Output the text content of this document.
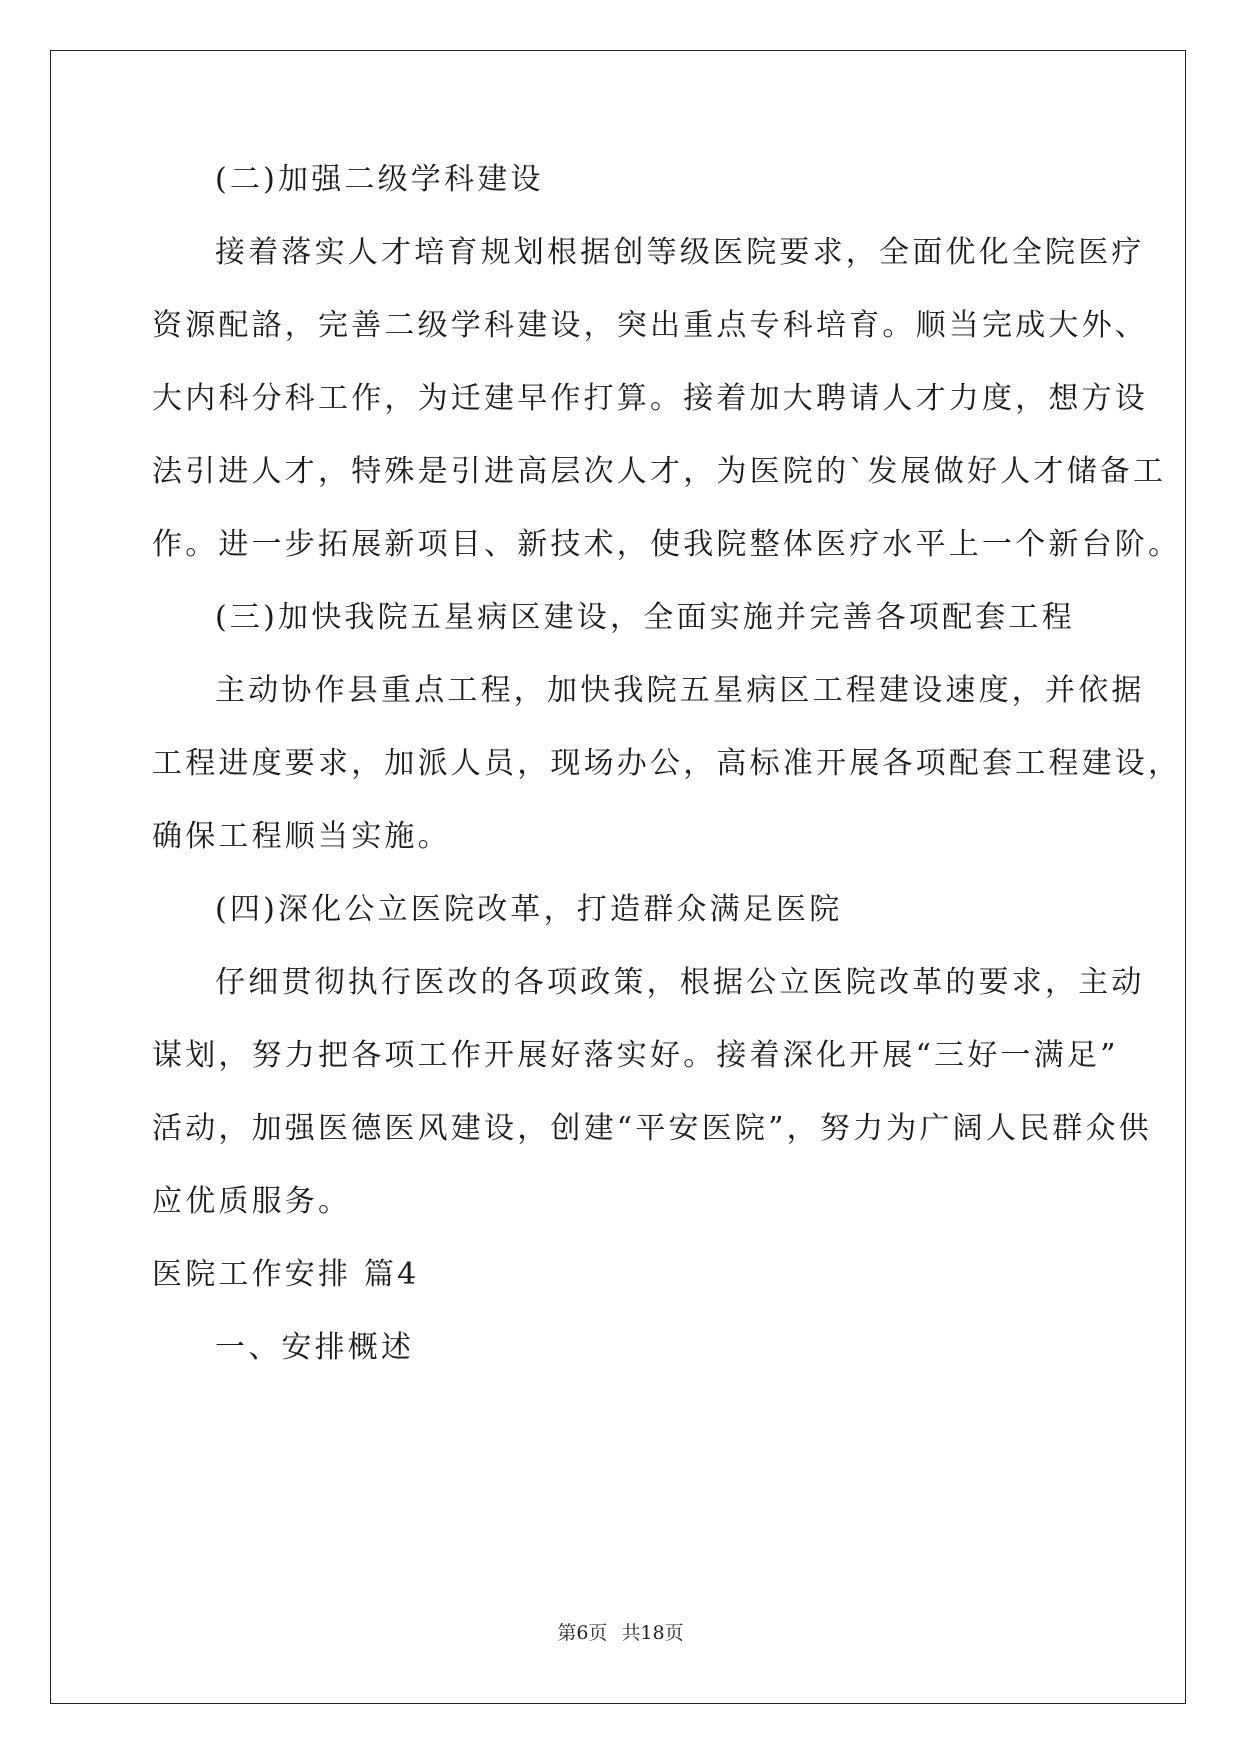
(二)加强二级学科建设
接着落实人才培育规划根据创等级医院要求，全面优化全院医疗
资源配詻，完善二级学科建设，突出重点专科培育。顺当完成大外、
大内科分科工作，为迁建早作打算。接着加大聘请人才力度，想方设
法引进人才，特殊是引进高层次人才，为医院的`发展做好人才储备工
作。进一步拓展新项目、新技术，使我院整体医疗水平上一个新台阶。
(三)加快我院五星病区建设，全面实施并完善各项配套工程
主动协作县重点工程，加快我院五星病区工程建设速度，并依据
工程进度要求，加派人员，现场办公，高标准开展各项配套工程建设，
确保工程顺当实施。
(四)深化公立医院改革，打造群众满足医院
仔细贯彻执行医改的各项政策，根据公立医院改革的要求，主动
谋划，努力把各项工作开展好落实好。接着深化开展“三好一满足”
活动，加强医德医风建设，创建“平安医院”，努力为广阔人民群众供
应优质服务。
医院工作安排 篇4
一、安排概述
第6页 共18页
